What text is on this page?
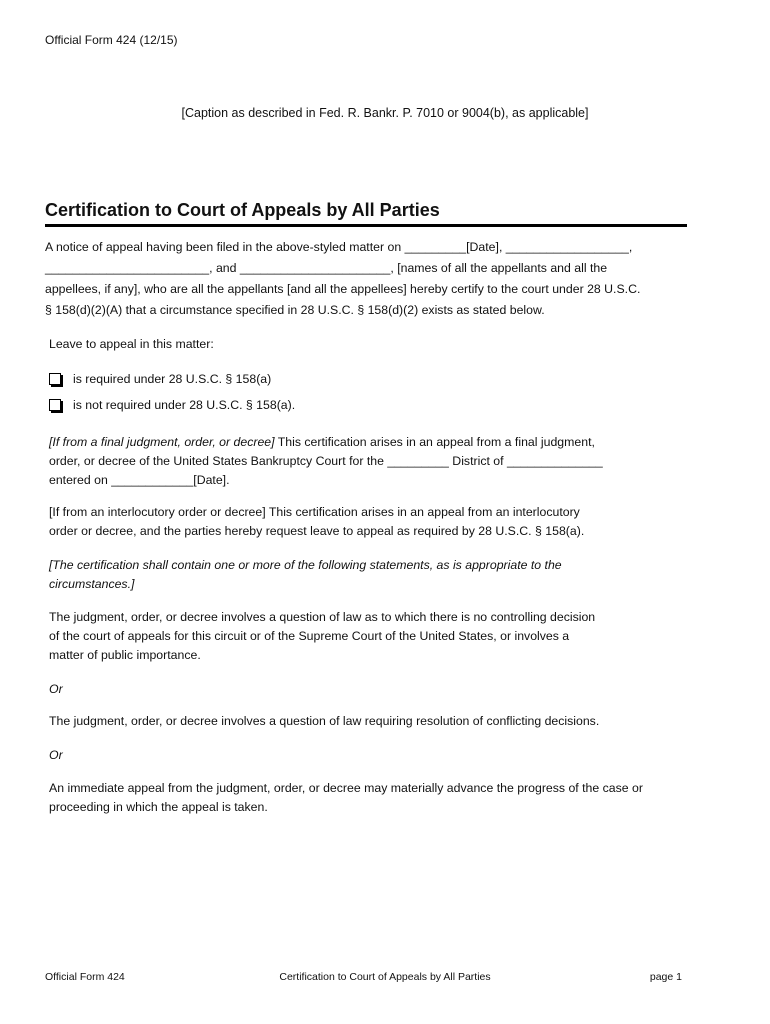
Official Form 424 (12/15)
[Caption as described in Fed. R. Bankr. P. 7010 or 9004(b), as applicable]
Certification to Court of Appeals by All Parties
A notice of appeal having been filed in the above-styled matter on _________[Date], __________________,
________________________, and ______________________, [names of all the appellants and all the
appellees, if any], who are all the appellants [and all the appellees] hereby certify to the court under 28 U.S.C.
§ 158(d)(2)(A) that a circumstance specified in 28 U.S.C. § 158(d)(2) exists as stated below.
Leave to appeal in this matter:
is required under 28 U.S.C. § 158(a)
is not required under 28 U.S.C. § 158(a).
[If from a final judgment, order, or decree] This certification arises in an appeal from a final judgment,
order, or decree of the United States Bankruptcy Court for the _________ District of ______________
entered on ____________[Date].
[If from an interlocutory order or decree] This certification arises in an appeal from an interlocutory
order or decree, and the parties hereby request leave to appeal as required by 28 U.S.C. § 158(a).
[The certification shall contain one or more of the following statements, as is appropriate to the
circumstances.]
The judgment, order, or decree involves a question of law as to which there is no controlling decision
of the court of appeals for this circuit or of the Supreme Court of the United States, or involves a
matter of public importance.
Or
The judgment, order, or decree involves a question of law requiring resolution of conflicting decisions.
Or
An immediate appeal from the judgment, order, or decree may materially advance the progress of the case or
proceeding in which the appeal is taken.
Official Form 424	Certification to Court of Appeals by All Parties	page 1
